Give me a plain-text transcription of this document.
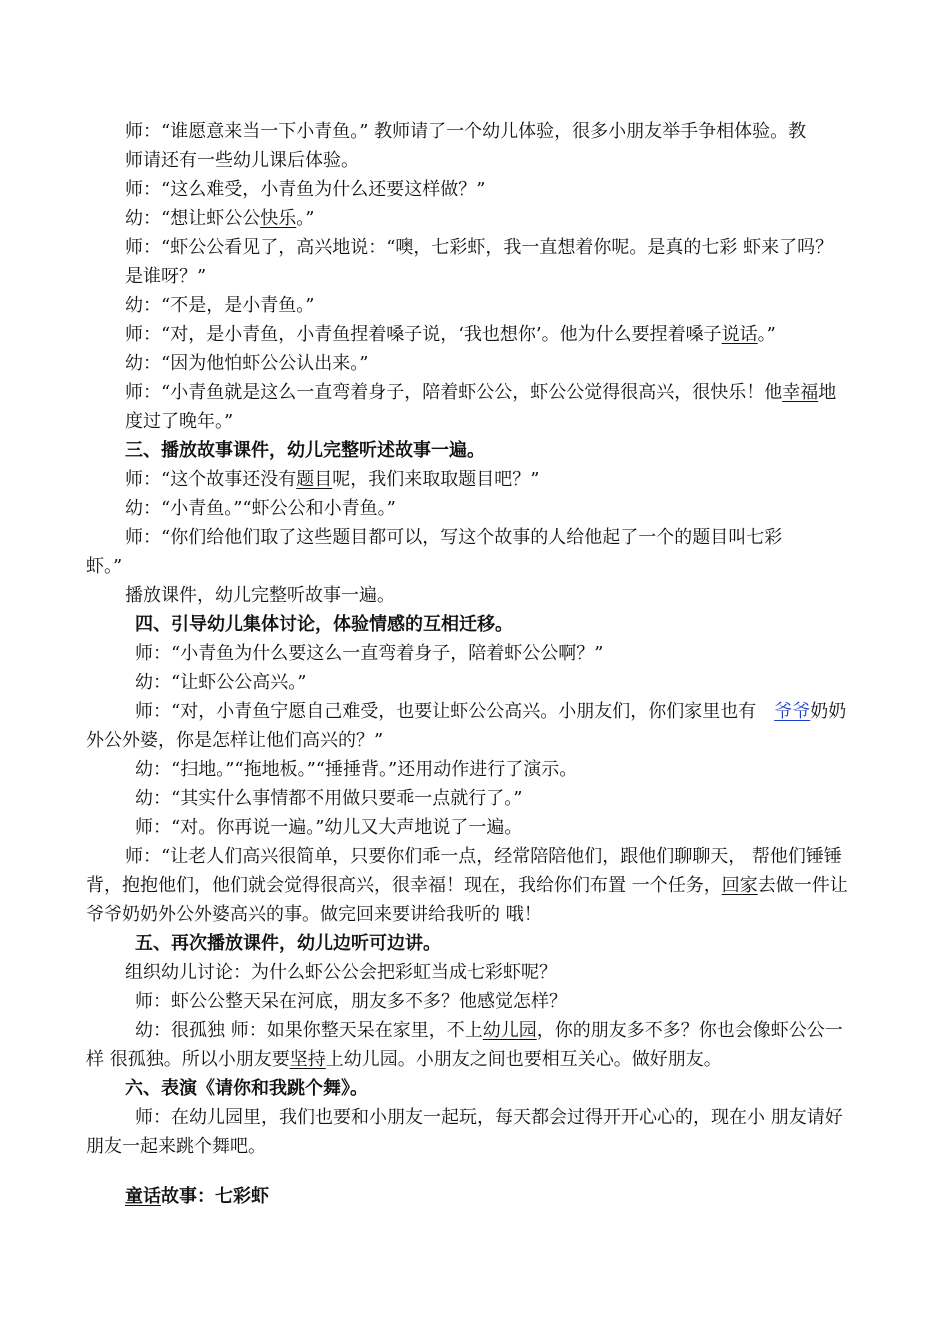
师：“谁愿意来当一下小青鱼。” 教师请了一个幼儿体验，很多小朋友举手争相体验。教
师请还有一些幼儿课后体验。
师：“这么难受，小青鱼为什么还要这样做？”
幼：“想让虾公公快乐。”
师：“虾公公看见了，高兴地说：“噢，七彩虾，我一直想着你呢。是真的七彩 虾来了吗？
是谁呀？”
幼：“不是，是小青鱼。”
师：“对，是小青鱼，小青鱼捏着嗓子说，‘我也想你’。他为什么要捏着嗓子说话。”
幼：“因为他怕虾公公认出来。”
师：“小青鱼就是这么一直弯着身子，陪着虾公公，虾公公觉得很高兴，很快乐！他幸福地
度过了晚年。”
三、播放故事课件，幼儿完整听述故事一遍。
师：“这个故事还没有题目呢，我们来取取题目吧？”
幼：“小青鱼。”“虾公公和小青鱼。”
师：“你们给他们取了这些题目都可以，写这个故事的人给他起了一个的题目叫七彩
虾。”
播放课件，幼儿完整听故事一遍。
四、引导幼儿集体讨论，体验情感的互相迁移。
师：“小青鱼为什么要这么一直弯着身子，陪着虾公公啊？”
幼：“让虾公公高兴。”
师：“对，小青鱼宁愿自己难受，也要让虾公公高兴。小朋友们，你们家里也有 爷爷奶奶
外公外婆，你是怎样让他们高兴的？”
幼：“扫地。”“拖地板。”“捶捶背。”还用动作进行了演示。
幼：“其实什么事情都不用做只要乖一点就行了。”
师：“对。你再说一遍。”幼儿又大声地说了一遍。
师：“让老人们高兴很简单，只要你们乖一点，经常陪陪他们，跟他们聊聊天， 帮他们锤锤
背，抱抱他们，他们就会觉得很高兴，很幸福！现在，我给你们布置 一个任务，回家去做一件让
爷爷奶奶外公外婆高兴的事。做完回来要讲给我听的 哦！
五、再次播放课件，幼儿边听可边讲。
组织幼儿讨论：为什么虾公公会把彩虹当成七彩虾呢？
师：虾公公整天呆在河底，朋友多不多？他感觉怎样？
幼：很孤独 师：如果你整天呆在家里，不上幼儿园，你的朋友多不多？你也会像虾公公一
样 很孤独。所以小朋友要坚持上幼儿园。小朋友之间也要相互关心。做好朋友。
六、表演《请你和我跳个舞》。
师：在幼儿园里，我们也要和小朋友一起玩，每天都会过得开开心心的，现在小 朋友请好
朋友一起来跳个舞吧。
童话故事：七彩虾
